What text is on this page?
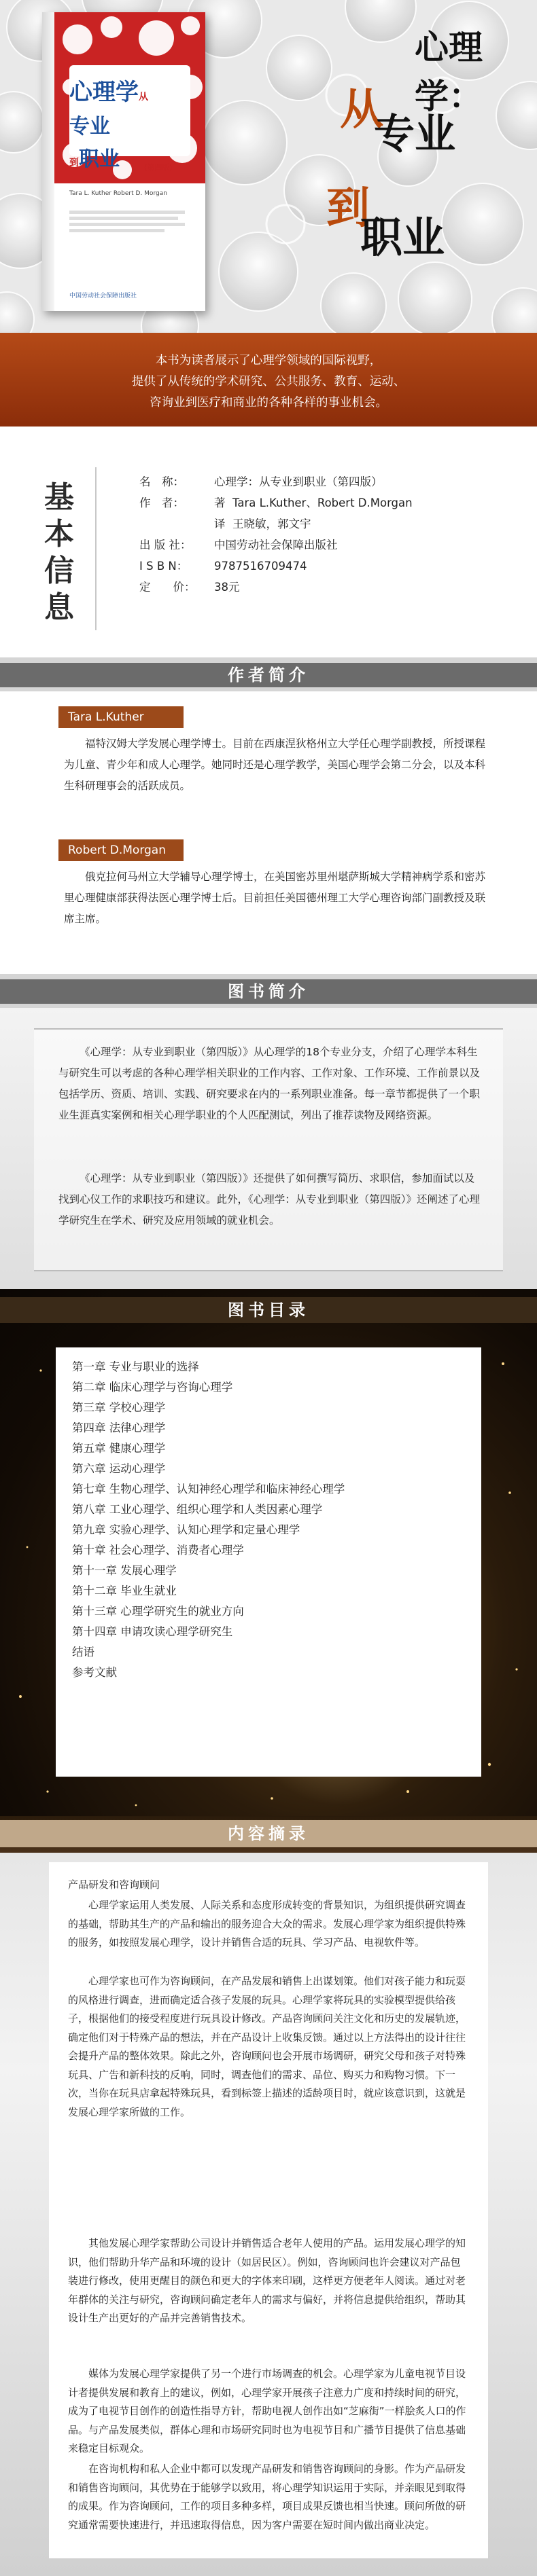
心理学从
专业
到职业	(第四版)
Tara L. Kuther Robert D. Morgan
中国劳动社会保障出版社
心理学：
从
专业
到
职业
本书为读者展示了心理学领域的国际视野，
提供了从传统的学术研究、公共服务、教育、运动、
咨询业到医疗和商业的各种各样的事业机会。
基本信息
名　称：	心理学：从专业到职业（第四版）
作　者：	著  Tara L.Kuther、Robert D.Morgan
译  王晓敏，郭文宇
出 版 社：	中国劳动社会保障出版社
I S B N：	9787516709474
定　　价：	38元
作者简介
Tara L.Kuther
福特汉姆大学发展心理学博士。目前在西康涅狄格州立大学任心理学副教授，所授课程为儿童、青少年和成人心理学。她同时还是心理学教学，美国心理学会第二分会，以及本科生科研理事会的活跃成员。
Robert D.Morgan
俄克拉何马州立大学辅导心理学博士，在美国密苏里州堪萨斯城大学精神病学系和密苏里心理健康部获得法医心理学博士后。目前担任美国德州理工大学心理咨询部门副教授及联席主席。
图书简介

《心理学：从专业到职业（第四版）》从心理学的18个专业分支，介绍了心理学本科生与研究生可以考虑的各种心理学相关职业的工作内容、工作对象、工作环境、工作前景以及包括学历、资质、培训、实践、研究要求在内的一系列职业准备。每一章节都提供了一个职业生涯真实案例和相关心理学职业的个人匹配测试，列出了推荐读物及网络资源。

《心理学：从专业到职业（第四版）》还提供了如何撰写简历、求职信，参加面试以及找到心仪工作的求职技巧和建议。此外，《心理学：从专业到职业（第四版）》还阐述了心理学研究生在学术、研究及应用领域的就业机会。

图书目录
第一章 专业与职业的选择
第二章 临床心理学与咨询心理学
第三章 学校心理学
第四章 法律心理学
第五章 健康心理学
第六章 运动心理学
第七章 生物心理学、认知神经心理学和临床神经心理学
第八章 工业心理学、组织心理学和人类因素心理学
第九章 实验心理学、认知心理学和定量心理学
第十章 社会心理学、消费者心理学
第十一章 发展心理学
第十二章 毕业生就业
第十三章 心理学研究生的就业方向
第十四章 申请攻读心理学研究生
结语
参考文献
内容摘录
产品研发和咨询顾问

心理学家运用人类发展、人际关系和态度形成转变的背景知识，为组织提供研究调查的基础，帮助其生产的产品和输出的服务迎合大众的需求。发展心理学家为组织提供特殊的服务，如按照发展心理学，设计并销售合适的玩具、学习产品、电视软件等。

心理学家也可作为咨询顾问，在产品发展和销售上出谋划策。他们对孩子能力和玩耍的风格进行调查，进而确定适合孩子发展的玩具。心理学家将玩具的实验模型提供给孩子，根据他们的接受程度进行玩具设计修改。产品咨询顾问关注文化和历史的发展轨迹，确定他们对于特殊产品的想法，并在产品设计上收集反馈。通过以上方法得出的设计往往会提升产品的整体效果。除此之外，咨询顾问也会开展市场调研，研究父母和孩子对特殊玩具、广告和新科技的反响，同时，调查他们的需求、品位、购买力和购物习惯。下一次，当你在玩具店拿起特殊玩具，看到标签上描述的适龄项目时，就应该意识到，这就是发展心理学家所做的工作。

其他发展心理学家帮助公司设计并销售适合老年人使用的产品。运用发展心理学的知识，他们帮助升华产品和环境的设计（如居民区）。例如，咨询顾问也许会建议对产品包装进行修改，使用更醒目的颜色和更大的字体来印刷，这样更方便老年人阅读。通过对老年群体的关注与研究，咨询顾问确定老年人的需求与偏好，并将信息提供给组织，帮助其设计生产出更好的产品并完善销售技术。

媒体为发展心理学家提供了另一个进行市场调查的机会。心理学家为儿童电视节目设计者提供发展和教育上的建议，例如，心理学家开展孩子注意力广度和持续时间的研究，成为了电视节目创作的创造性指导方针，帮助电视人创作出如“芝麻街”一样脍炙人口的作品。与产品发展类似，群体心理和市场研究同时也为电视节目和广播节目提供了信息基础来稳定目标观众。

在咨询机构和私人企业中都可以发现产品研发和销售咨询顾问的身影。作为产品研发和销售咨询顾问，其优势在于能够学以致用，将心理学知识运用于实际，并亲眼见到取得的成果。作为咨询顾问，工作的项目多种多样，项目成果反馈也相当快速。顾问所做的研究通常需要快速进行，并迅速取得信息，因为客户需要在短时间内做出商业决定。
